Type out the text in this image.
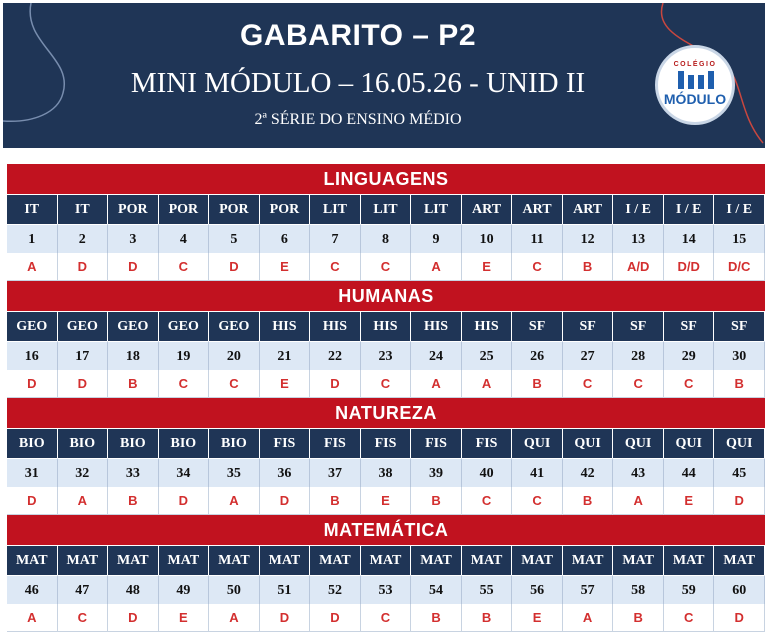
GABARITO – P2
MINI MÓDULO – 16.05.26 - UNID II
2ª SÉRIE DO ENSINO MÉDIO
COLÉGIO
MÓDULO
LINGUAGENS
IT	IT	POR	POR	POR	POR	LIT	LIT	LIT	ART	ART	ART	I / E	I / E	I / E
1	2	3	4	5	6	7	8	9	10	11	12	13	14	15
A	D	D	C	D	E	C	C	A	E	C	B	A/D	D/D	D/C
HUMANAS
GEO	GEO	GEO	GEO	GEO	HIS	HIS	HIS	HIS	HIS	SF	SF	SF	SF	SF
16	17	18	19	20	21	22	23	24	25	26	27	28	29	30
D	D	B	C	C	E	D	C	A	A	B	C	C	C	B
NATUREZA
BIO	BIO	BIO	BIO	BIO	FIS	FIS	FIS	FIS	FIS	QUI	QUI	QUI	QUI	QUI
31	32	33	34	35	36	37	38	39	40	41	42	43	44	45
D	A	B	D	A	D	B	E	B	C	C	B	A	E	D
MATEMÁTICA
MAT	MAT	MAT	MAT	MAT	MAT	MAT	MAT	MAT	MAT	MAT	MAT	MAT	MAT	MAT
46	47	48	49	50	51	52	53	54	55	56	57	58	59	60
A	C	D	E	A	D	D	C	B	B	E	A	B	C	D
